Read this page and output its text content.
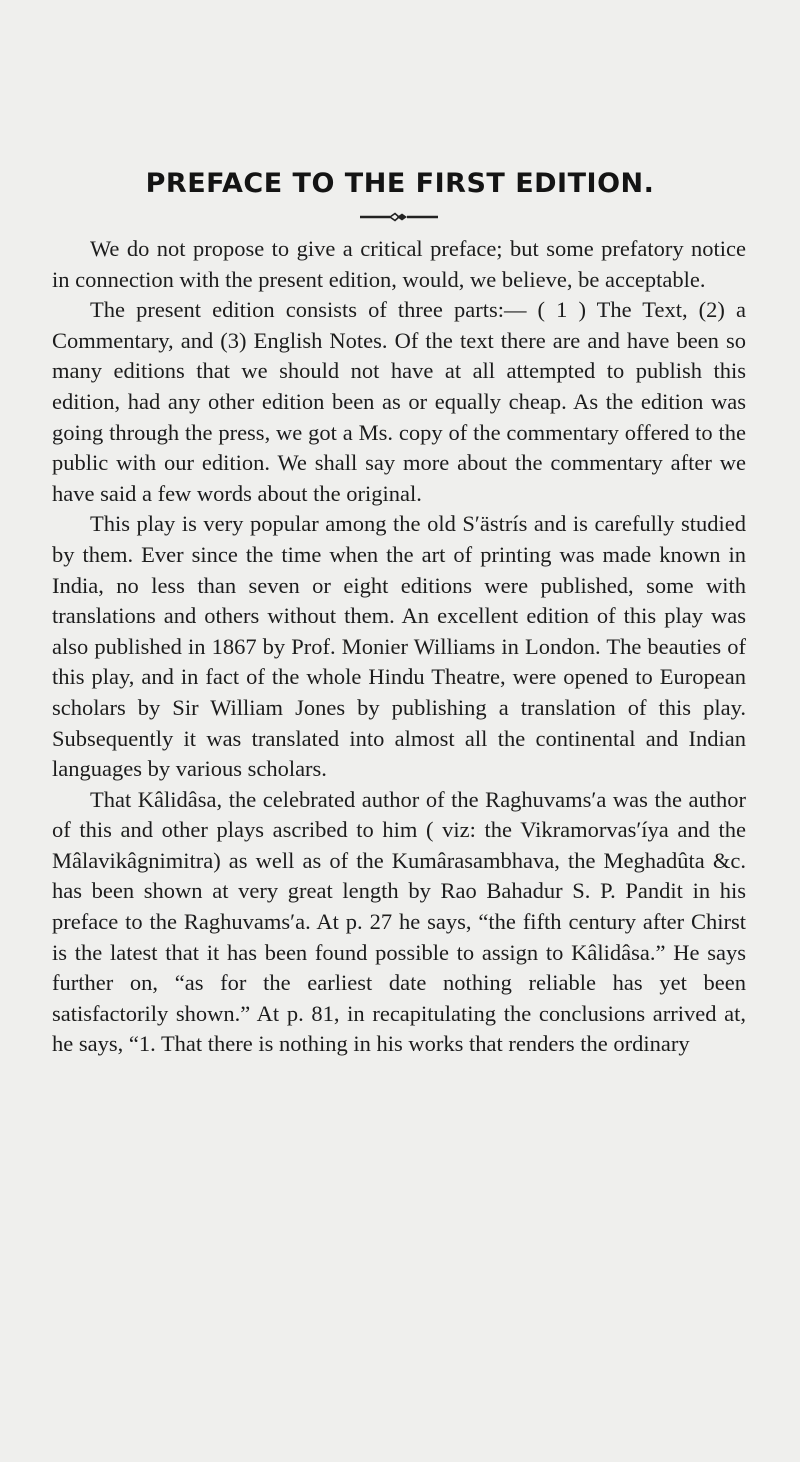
PREFACE TO THE FIRST EDITION.

We do not propose to give a critical preface; but some prefatory notice in connection with the present edition, would, we believe, be acceptable.

The present edition consists of three parts:— ( 1 ) The Text, (2) a Commentary, and (3) English Notes. Of the text there are and have been so many editions that we should not have at all attempted to publish this edition, had any other edition been as or equally cheap. As the edition was going through the press, we got a Ms. copy of the commentary offered to the public with our edition. We shall say more about the commentary after we have said a few words about the original.

This play is very popular among the old S′ästrís and is carefully studied by them. Ever since the time when the art of printing was made known in India, no less than seven or eight editions were published, some with translations and others without them. An excellent edition of this play was also published in 1867 by Prof. Monier Williams in London. The beauties of this play, and in fact of the whole Hindu Theatre, were opened to European scholars by Sir William Jones by publishing a translation of this play. Subsequently it was translated into almost all the continental and Indian languages by various scholars.

That Kâlidâsa, the celebrated author of the Raghuvams′a was the author of this and other plays ascribed to him ( viz: the Vikramorvas′íya and the Mâlavikâgnimitra) as well as of the Kumârasambhava, the Meghadûta &c. has been shown at very great length by Rao Bahadur S. P. Pandit in his preface to the Raghuvams′a. At p. 27 he says, “the fifth century after Chirst is the latest that it has been found possible to assign to Kâlidâsa.” He says further on, “as for the earliest date nothing reliable has yet been satisfactorily shown.” At p. 81, in recapitulating the conclusions arrived at, he says, “1. That there is nothing in his works that renders the ordinary
